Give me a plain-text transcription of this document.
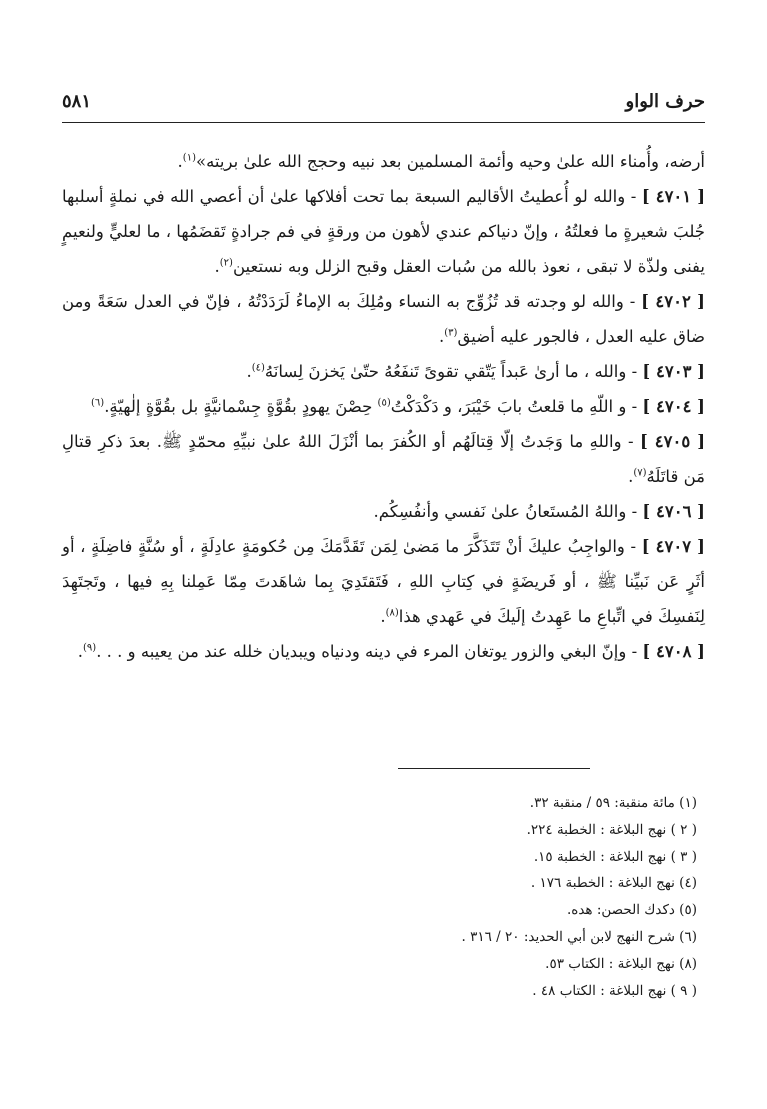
٥٨١	حرف الواو

أرضه، وأُمناء الله علىٰ وحيه وأئمة المسلمين بعد نبيه وحجج الله علىٰ بريته»$^{(١)}$.

[ ٤٧٠١ ] - والله لو أُعطيتُ الأقاليم السبعة بما تحت أفلاكها علىٰ أن أعصي الله في نملةٍ أسلبها جُلبَ شعيرةٍ ما فعلتُهُ ، وإنّ دنياكم عندي لأهون من ورقةٍ في فم جرادةٍ تَقضَمُها ، ما لعليٍّ ولنعيمٍ يفنى ولذّة لا تبقى ، نعوذ بالله من سُبات العقل وقبح الزلل وبه نستعين$^{(٢)}$.

[ ٤٧٠٢ ] - والله لو وجدته قد تُزُوِّج به النساء ومُلِكَ به الإماءُ لَرَدَدْتُهُ ، فإنّ في العدل سَعَةً ومن ضاق عليه العدل ، فالجور عليه أضيق$^{(٣)}$.

[ ٤٧٠٣ ] - والله ، ما أرىٰ عَبداً يَتّقي تقوىً تَنفَعُهُ حتّىٰ يَخزنَ لِسانَهُ$^{(٤)}$.

[ ٤٧٠٤ ] - و اللّهِ ما قلعتُ بابَ خَيْبَرَ، و دَكْدَكْتُ$^{(٥)}$ حِصْنَ يهودٍ بقُوَّةٍ جِسْمانيَّةٍ بل بقُوَّةٍ إلٰهيّةٍ.$^{(٦)}$

[ ٤٧٠٥ ] - واللهِ ما وَجَدتُ إلّا قِتالَهُم أو الكُفرَ بما أنْزَلَ اللهُ علىٰ نبيِّهِ محمّدٍ ﷺ. بعدَ ذكرِ قتالِ مَن قاتَلَهُ$^{(٧)}$.

[ ٤٧٠٦ ] - واللهُ المُستَعانُ علىٰ نَفسي وأنفُسِكُم.

[ ٤٧٠٧ ] - والواجِبُ عليكَ أنْ تَتَذَكَّرَ ما مَضىٰ لِمَن تَقَدَّمَكَ مِن حُكومَةٍ عادِلَةٍ ، أو سُنَّةٍ فاضِلَةٍ ، أو أثَرٍ عَن نَبيِّنا ﷺ ، أو فَريضَةٍ في كِتابِ اللهِ ، فَتَقتَدِيَ بِما شاهَدتَ مِمّا عَمِلنا بِهِ فيها ، وتَجتَهِدَ لِنَفسِكَ في اتِّباعِ ما عَهِدتُ إلَيكَ في عَهدي هذا$^{(٨)}$.

[ ٤٧٠٨ ] - وإنّ البغي والزور يوتغان المرء في دينه ودنياه ويبديان خلله عند من يعيبه و . . .$^{(٩)}$.

(١) مائة منقبة: ٥٩ / منقبة ٣٢.

( ٢ ) نهج البلاغة : الخطبة ٢٢٤.

( ٣ ) نهج البلاغة : الخطبة ١٥.

(٤) نهج البلاغة : الخطبة ١٧٦ .

(٥) دكدك الحصن: هده.

(٦) شرح النهج لابن أبي الحديد: ٢٠ / ٣١٦ .

(٨) نهج البلاغة : الكتاب ٥٣.

( ٩ ) نهج البلاغة : الكتاب ٤٨ .
